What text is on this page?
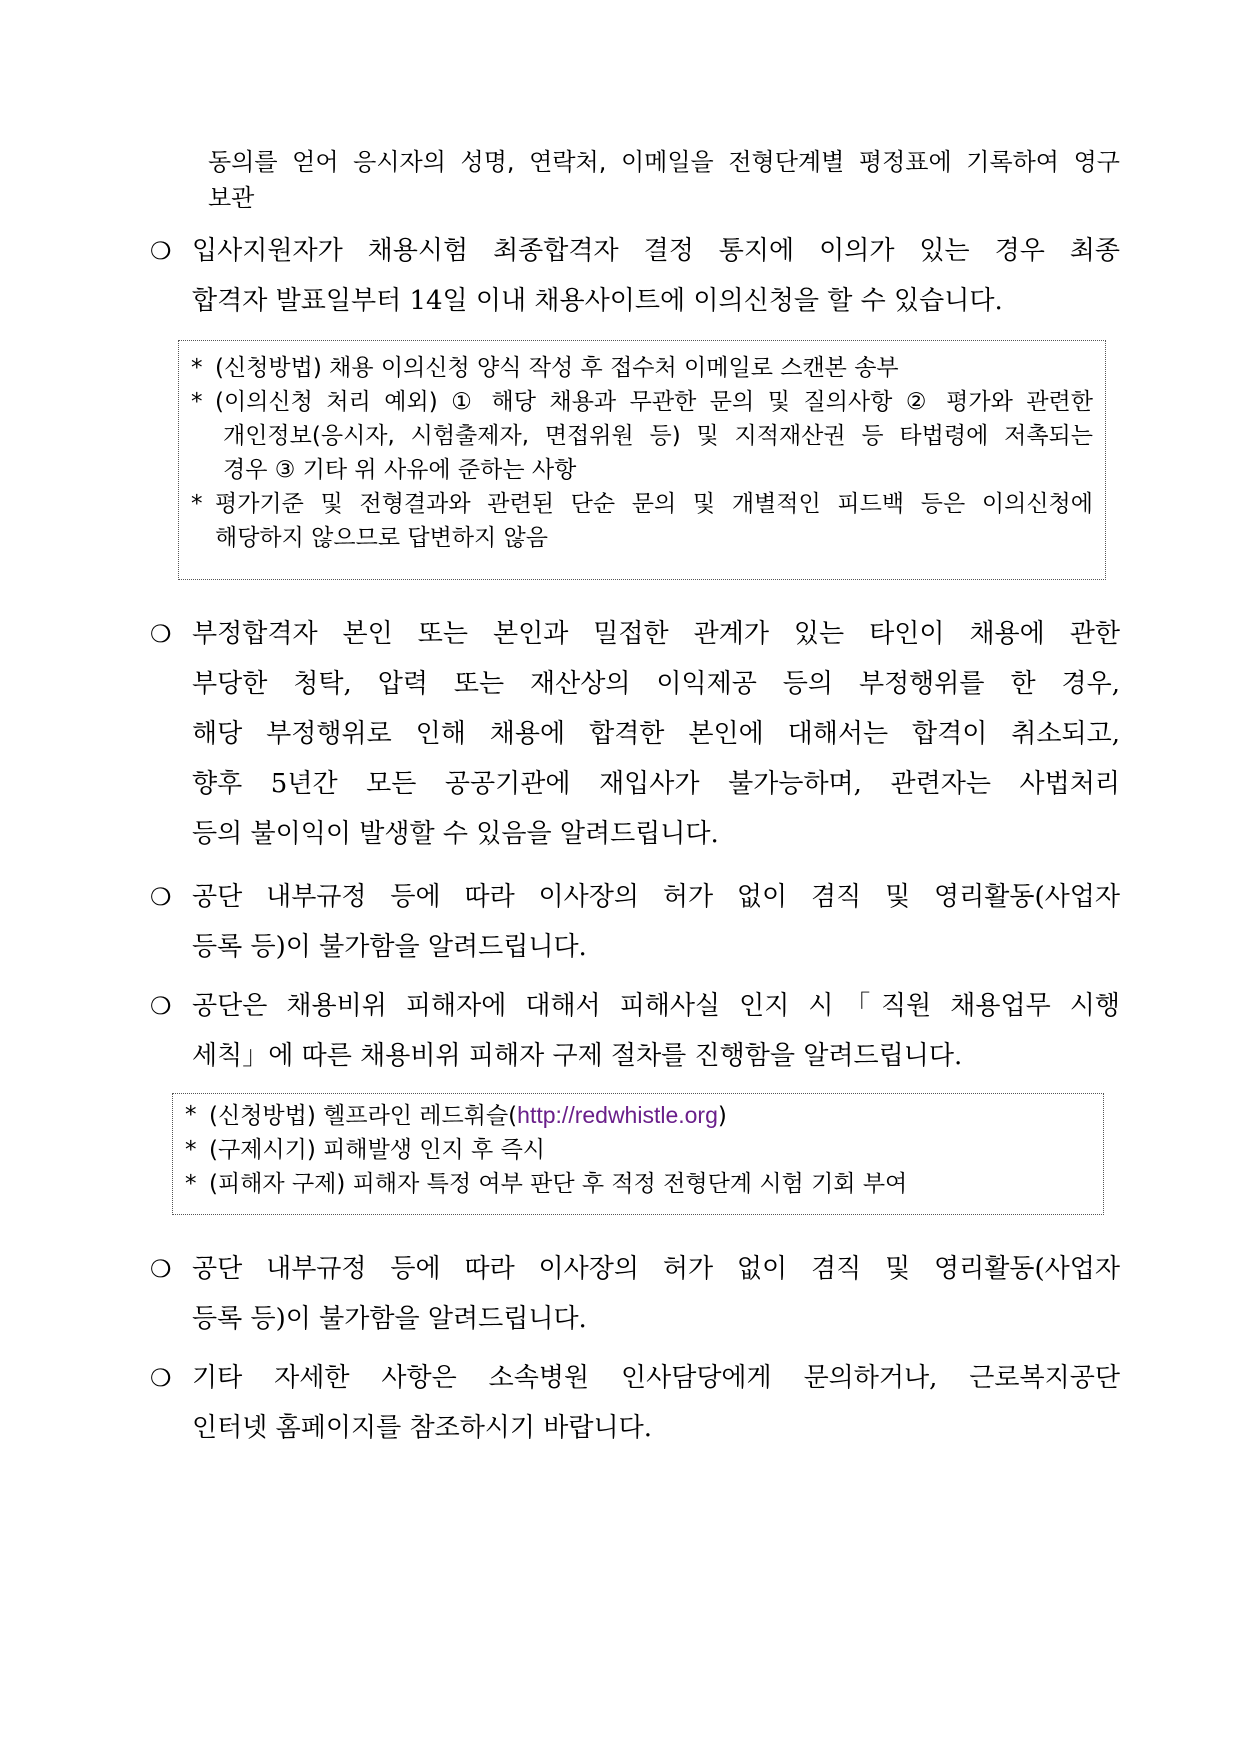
동의를 얻어 응시자의 성명, 연락처, 이메일을 전형단계별 평정표에 기록하여 영구
보관
❍ 입사지원자가 채용시험 최종합격자 결정 통지에 이의가 있는 경우 최종
합격자 발표일부터 14일 이내 채용사이트에 이의신청을 할 수 있습니다.
* (신청방법) 채용 이의신청 양식 작성 후 접수처 이메일로 스캔본 송부
* (이의신청 처리 예외) ① 해당 채용과 무관한 문의 및 질의사항 ② 평가와 관련한
개인정보(응시자, 시험출제자, 면접위원 등) 및 지적재산권 등 타법령에 저촉되는
경우 ③ 기타 위 사유에 준하는 사항
* 평가기준 및 전형결과와 관련된 단순 문의 및 개별적인 피드백 등은 이의신청에
해당하지 않으므로 답변하지 않음
❍ 부정합격자 본인 또는 본인과 밀접한 관계가 있는 타인이 채용에 관한
부당한 청탁, 압력 또는 재산상의 이익제공 등의 부정행위를 한 경우,
해당 부정행위로 인해 채용에 합격한 본인에 대해서는 합격이 취소되고,
향후 5년간 모든 공공기관에 재입사가 불가능하며, 관련자는 사법처리
등의 불이익이 발생할 수 있음을 알려드립니다.
❍ 공단 내부규정 등에 따라 이사장의 허가 없이 겸직 및 영리활동(사업자
등록 등)이 불가함을 알려드립니다.
❍ 공단은 채용비위 피해자에 대해서 피해사실 인지 시「직원 채용업무 시행
세칙」에 따른 채용비위 피해자 구제 절차를 진행함을 알려드립니다.
* (신청방법) 헬프라인 레드휘슬(http://redwhistle.org)
* (구제시기) 피해발생 인지 후 즉시
* (피해자 구제) 피해자 특정 여부 판단 후 적정 전형단계 시험 기회 부여
❍ 공단 내부규정 등에 따라 이사장의 허가 없이 겸직 및 영리활동(사업자
등록 등)이 불가함을 알려드립니다.
❍ 기타 자세한 사항은 소속병원 인사담당에게 문의하거나, 근로복지공단
인터넷 홈페이지를 참조하시기 바랍니다.
